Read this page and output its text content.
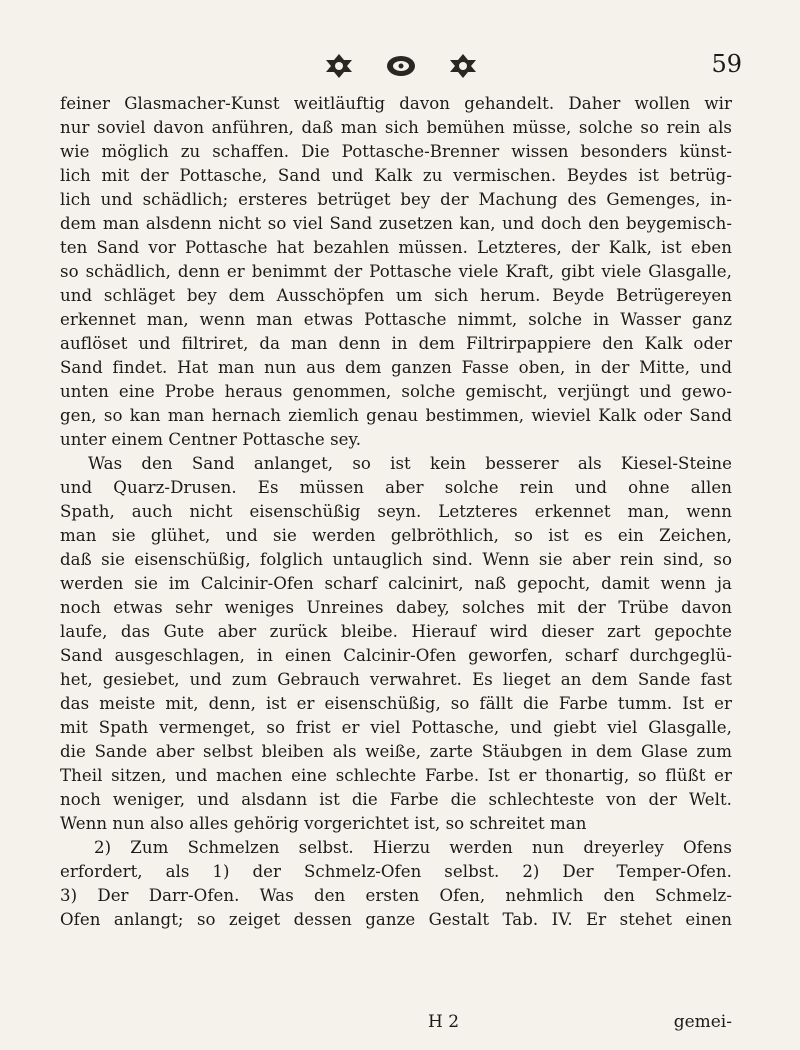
59
feiner Glasmacher-Kunst weitläuftig davon gehandelt. Daher wollen wir
nur soviel davon anführen, daß man sich bemühen müsse, solche so rein als
wie möglich zu schaffen. Die Pottasche-Brenner wissen besonders künst-
lich mit der Pottasche, Sand und Kalk zu vermischen. Beydes ist betrüg-
lich und schädlich; ersteres betrüget bey der Machung des Gemenges, in-
dem man alsdenn nicht so viel Sand zusetzen kan, und doch den beygemisch-
ten Sand vor Pottasche hat bezahlen müssen. Letzteres, der Kalk, ist eben
so schädlich, denn er benimmt der Pottasche viele Kraft, gibt viele Glasgalle,
und schläget bey dem Ausschöpfen um sich herum. Beyde Betrügereyen
erkennet man, wenn man etwas Pottasche nimmt, solche in Wasser ganz
auflöset und filtriret, da man denn in dem Filtrirpappiere den Kalk oder
Sand findet. Hat man nun aus dem ganzen Fasse oben, in der Mitte, und
unten eine Probe heraus genommen, solche gemischt, verjüngt und gewo-
gen, so kan man hernach ziemlich genau bestimmen, wieviel Kalk oder Sand
unter einem Centner Pottasche sey.
Was den Sand anlanget, so ist kein besserer als Kiesel-Steine
und Quarz-Drusen. Es müssen aber solche rein und ohne allen
Spath, auch nicht eisenschüßig seyn. Letzteres erkennet man, wenn
man sie glühet, und sie werden gelbröthlich, so ist es ein Zeichen,
daß sie eisenschüßig, folglich untauglich sind. Wenn sie aber rein sind, so
werden sie im Calcinir-Ofen scharf calcinirt, naß gepocht, damit wenn ja
noch etwas sehr weniges Unreines dabey, solches mit der Trübe davon
laufe, das Gute aber zurück bleibe. Hierauf wird dieser zart gepochte
Sand ausgeschlagen, in einen Calcinir-Ofen geworfen, scharf durchgeglü-
het, gesiebet, und zum Gebrauch verwahret. Es lieget an dem Sande fast
das meiste mit, denn, ist er eisenschüßig, so fällt die Farbe tumm. Ist er
mit Spath vermenget, so frist er viel Pottasche, und giebt viel Glasgalle,
die Sande aber selbst bleiben als weiße, zarte Stäubgen in dem Glase zum
Theil sitzen, und machen eine schlechte Farbe. Ist er thonartig, so flüßt er
noch weniger, und alsdann ist die Farbe die schlechteste von der Welt.
Wenn nun also alles gehörig vorgerichtet ist, so schreitet man
2) Zum Schmelzen selbst. Hierzu werden nun dreyerley Ofens
erfordert, als 1) der Schmelz-Ofen selbst. 2) Der Temper-Ofen.
3) Der Darr-Ofen. Was den ersten Ofen, nehmlich den Schmelz-
Ofen anlangt; so zeiget dessen ganze Gestalt Tab. IV. Er stehet einen
H 2	gemei-
